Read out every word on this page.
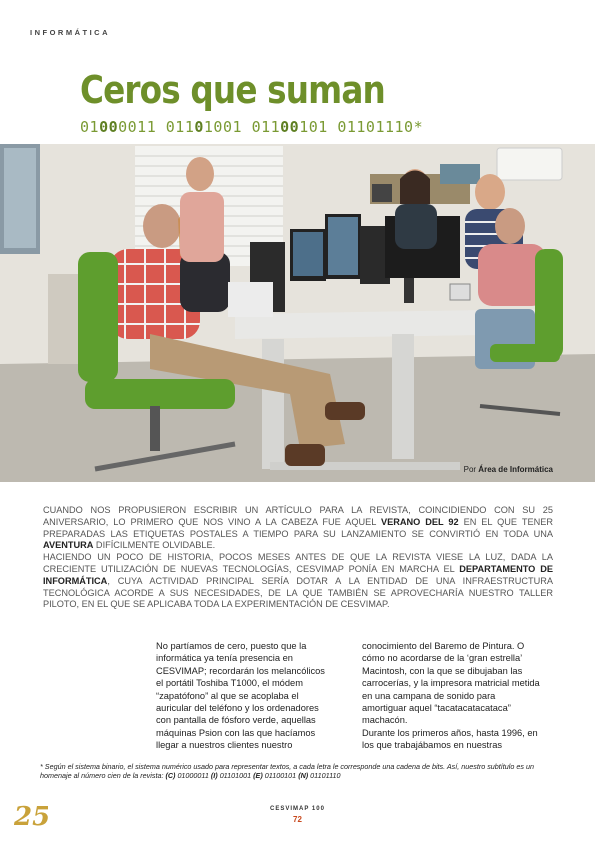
INFORMÁTICA
Ceros que suman
01000011 01101001 01100101 01101110*
Por Área de Informática

CUANDO NOS PROPUSIERON ESCRIBIR UN ARTÍCULO PARA LA REVISTA, COINCIDIENDO CON SU 25 ANIVERSARIO, LO PRIMERO QUE NOS VINO A LA CABEZA FUE AQUEL VERANO DEL 92 EN EL QUE TENER PREPARADAS LAS ETIQUETAS POSTALES A TIEMPO PARA SU LANZAMIENTO SE CONVIRTIÓ EN TODA UNA AVENTURA DIFÍCILMENTE OLVIDABLE.

HACIENDO UN POCO DE HISTORIA, POCOS MESES ANTES DE QUE LA REVISTA VIESE LA LUZ, DADA LA CRECIENTE UTILIZACIÓN DE NUEVAS TECNOLOGÍAS, CESVIMAP PONÍA EN MARCHA EL DEPARTAMENTO DE INFORMÁTICA, CUYA ACTIVIDAD PRINCIPAL SERÍA DOTAR A LA ENTIDAD DE UNA INFRAESTRUCTURA TECNOLÓGICA ACORDE A SUS NECESIDADES, DE LA QUE TAMBIÉN SE APROVECHARÍA NUESTRO TALLER PILOTO, EN EL QUE SE APLICABA TODA LA EXPERIMENTACIÓN DE CESVIMAP.

No partíamos de cero, puesto que la informática ya tenía presencia en CESVIMAP; recordarán los melancólicos el portátil Toshiba T1000, el módem “zapatófono” al que se acoplaba el auricular del teléfono y los ordenadores con pantalla de fósforo verde, aquellas máquinas Psion con las que hacíamos llegar a nuestros clientes nuestro
conocimiento del Baremo de Pintura. O cómo no acordarse de la ‘gran estrella’ Macintosh, con la que se dibujaban las carrocerías, y la impresora matricial metida en una campana de sonido para amortiguar aquel “tacatacatacataca” machacón.
Durante los primeros años, hasta 1996, en los que trabajábamos en nuestras
* Según el sistema binario, el sistema numérico usado para representar textos, a cada letra le corresponde una cadena de bits. Así, nuestro subtítulo es un homenaje al número cien de la revista: (C) 01000011 (I) 01101001 (E) 01100101 (N) 01101110
25	CESVIMAP 100
72
